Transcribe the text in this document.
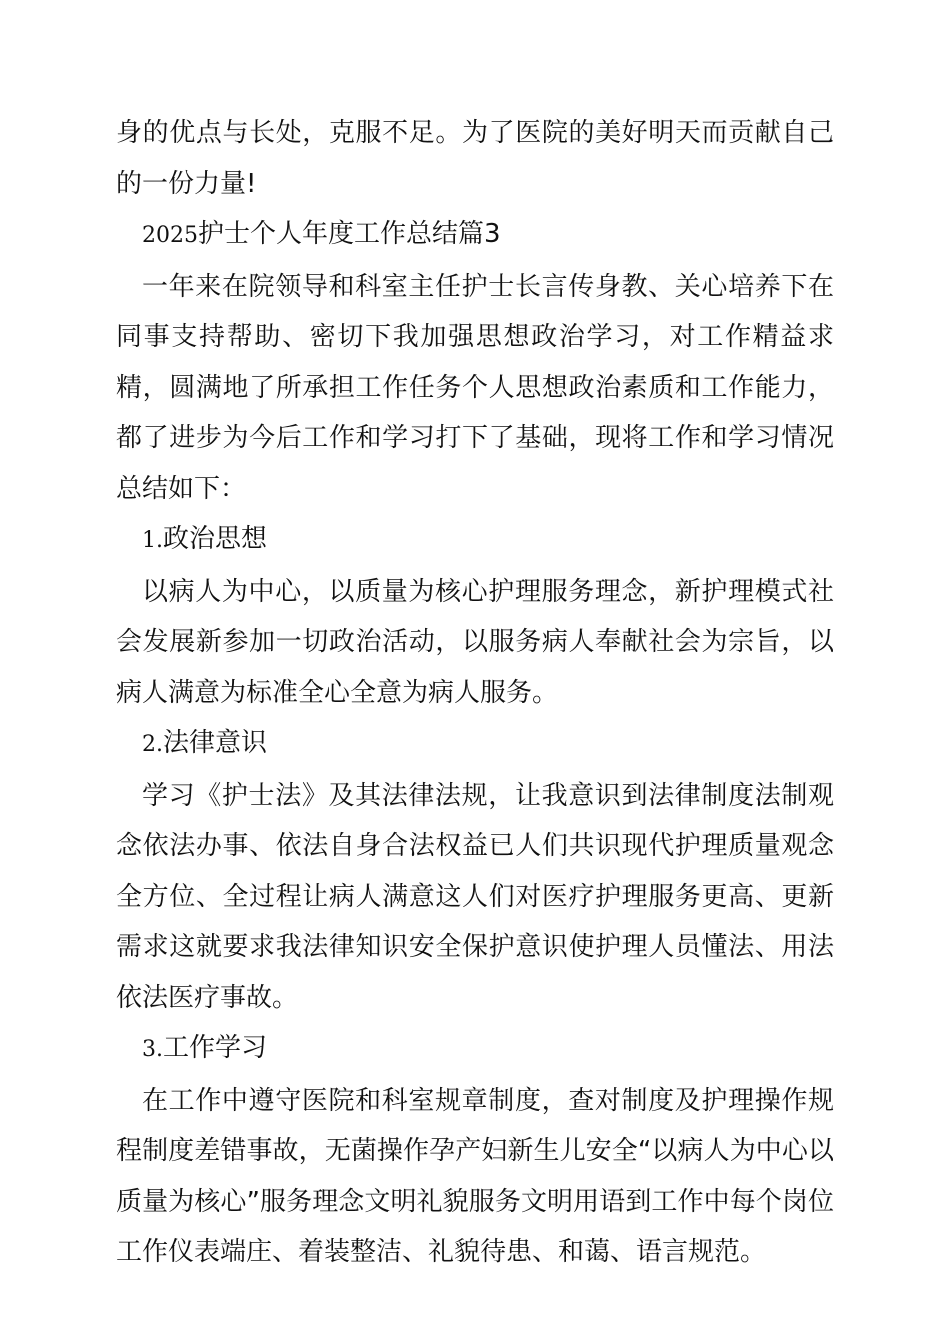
身的优点与长处，克服不足。为了医院的美好明天而贡献自己的一份力量!

2025护士个人年度工作总结篇3

一年来在院领导和科室主任护士长言传身教、关心培养下在同事支持帮助、密切下我加强思想政治学习，对工作精益求精，圆满地了所承担工作任务个人思想政治素质和工作能力，都了进步为今后工作和学习打下了基础，现将工作和学习情况总结如下：

1.政治思想

以病人为中心，以质量为核心护理服务理念，新护理模式社会发展新参加一切政治活动，以服务病人奉献社会为宗旨，以病人满意为标准全心全意为病人服务。

2.法律意识

学习《护士法》及其法律法规，让我意识到法律制度法制观念依法办事、依法自身合法权益已人们共识现代护理质量观念全方位、全过程让病人满意这人们对医疗护理服务更高、更新需求这就要求我法律知识安全保护意识使护理人员懂法、用法依法医疗事故。

3.工作学习

在工作中遵守医院和科室规章制度，查对制度及护理操作规程制度差错事故，无菌操作孕产妇新生儿安全“以病人为中心以质量为核心”服务理念文明礼貌服务文明用语到工作中每个岗位工作仪表端庄、着装整洁、礼貌待患、和蔼、语言规范。
